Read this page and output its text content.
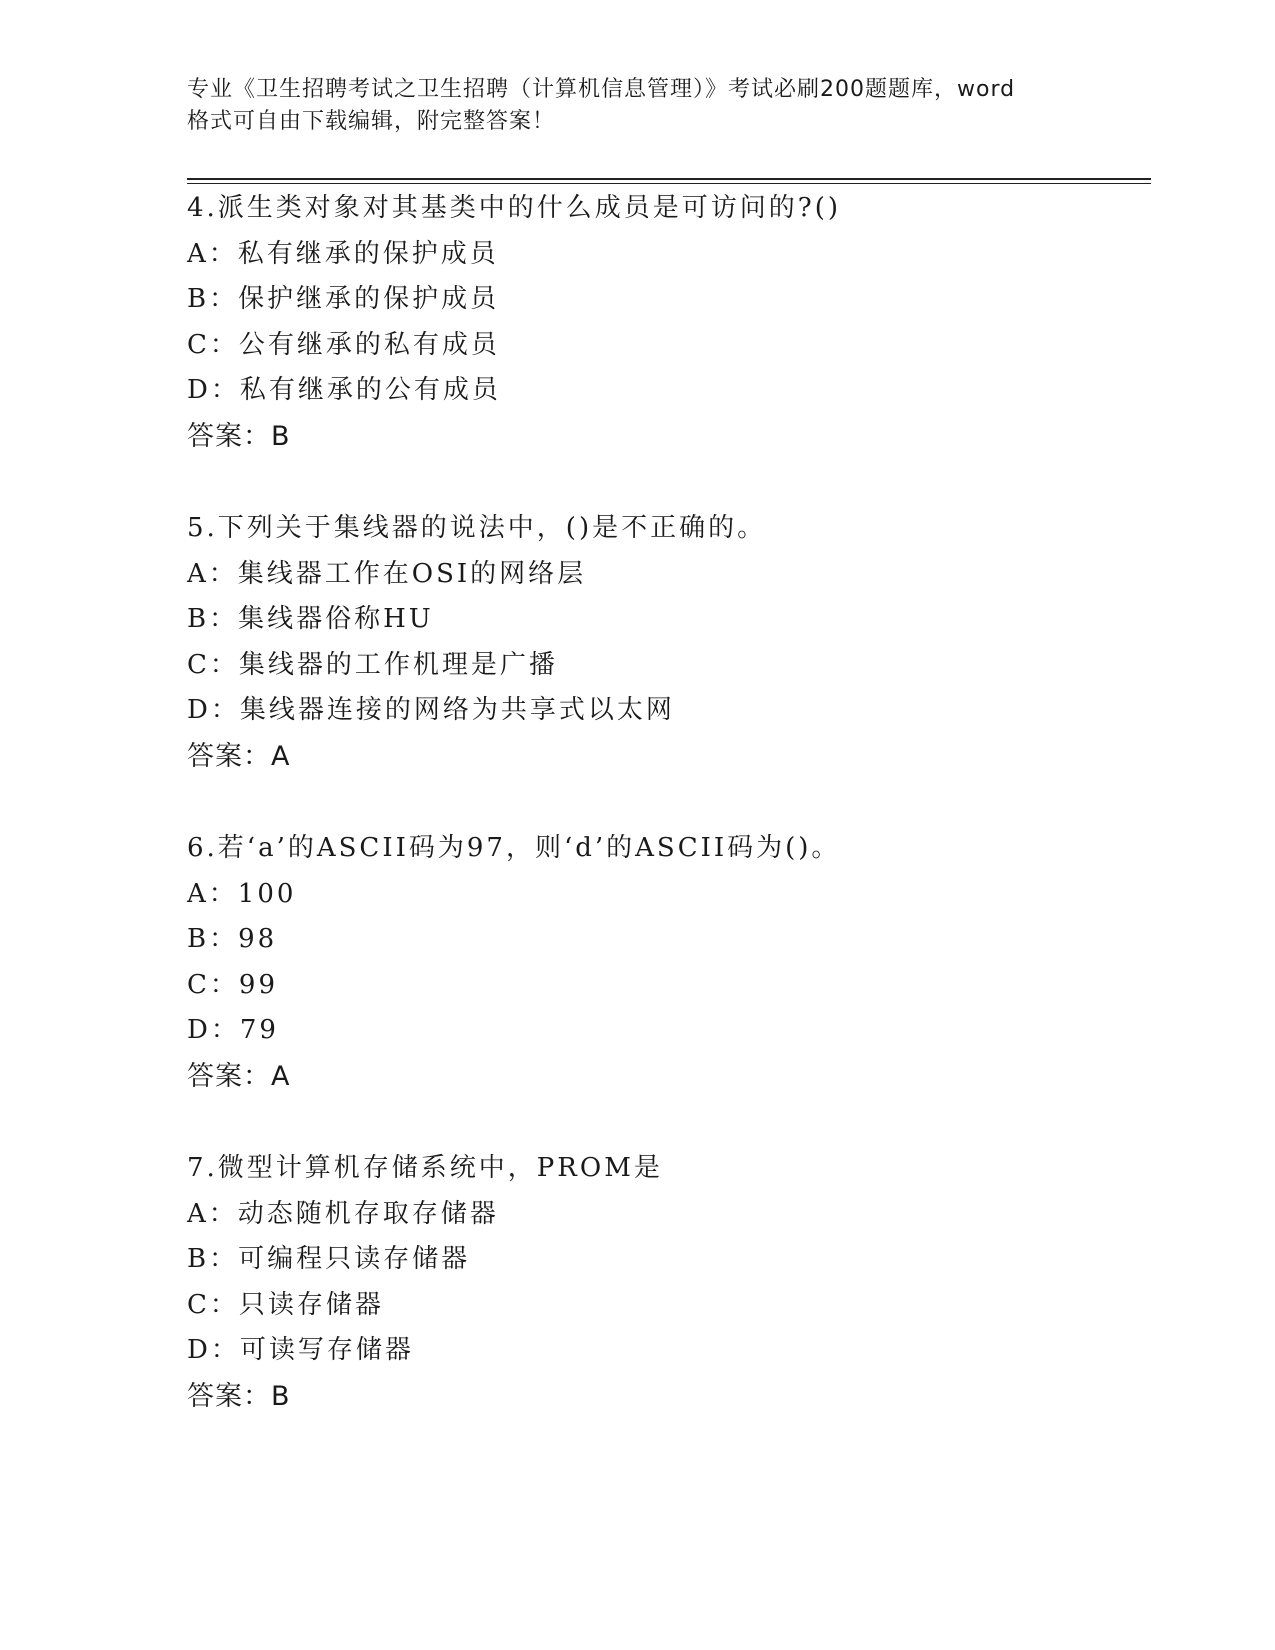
专业《卫生招聘考试之卫生招聘（计算机信息管理）》考试必刷200题题库，word
格式可自由下载编辑，附完整答案！
4.派生类对象对其基类中的什么成员是可访问的?()
A：私有继承的保护成员
B：保护继承的保护成员
C：公有继承的私有成员
D：私有继承的公有成员
答案：B
5.下列关于集线器的说法中，()是不正确的。
A：集线器工作在OSI的网络层
B：集线器俗称HU
C：集线器的工作机理是广播
D：集线器连接的网络为共享式以太网
答案：A
6.若‘a’的ASCII码为97，则‘d’的ASCII码为()。
A：100
B：98
C：99
D：79
答案：A
7.微型计算机存储系统中，PROM是
A：动态随机存取存储器
B：可编程只读存储器
C：只读存储器
D：可读写存储器
答案：B
